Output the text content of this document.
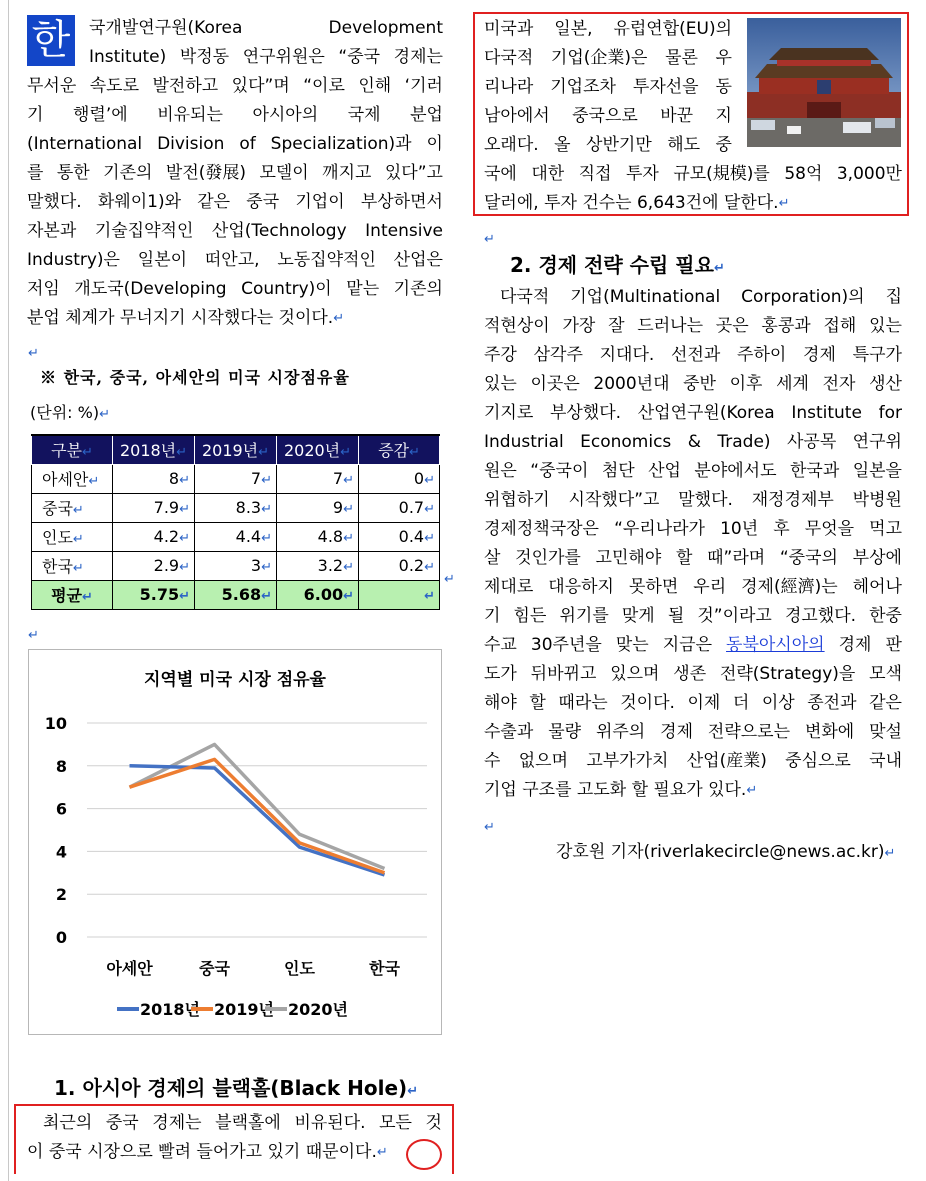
한 국개발연구원(Korea	Development
Institute) 박정동 연구위원은 “중국 경제는
무서운 속도로 발전하고 있다”며 “이로 인해 ‘기러
기 행렬’에 비유되는 아시아의 국제 분업
(International Division of Specialization)과 이
를 통한 기존의 발전(發展) 모델이 깨지고 있다”고
말했다. 화웨이1)와 같은 중국 기업이 부상하면서
자본과 기술집약적인 산업(Technology Intensive
Industry)은 일본이 떠안고, 노동집약적인 산업은
저임 개도국(Developing Country)이 맡는 기존의
분업 체계가 무너지기 시작했다는 것이다. ↵
※ 한국, 중국, 아세안의 미국 시장점유율
(단위: %)↵
구분↵	2018년↵	2019년↵	2020년↵	증감↵
아세안↵	8↵	7↵	7↵	0↵
중국↵	7.9↵	8.3↵	9↵	0.7↵
인도↵	4.2↵	4.4↵	4.8↵	0.4↵
한국↵	2.9↵	3↵	3.2↵	0.2↵
평균↵	5.75↵	5.68↵	6.00↵	↵
↵
↵
↵
지역별 미국 시장 점유율
0
2
4
6
8
10
아세안	중국	인도	한국
2018년 2019년 2020년
1. 아시아 경제의 블랙홀(Black Hole)↵
최근의 중국 경제는 블랙홀에 비유된다. 모든 것
이 중국 시장으로 빨려 들어가고 있기 때문이다. ↵
미국과 일본, 유럽연합(EU)의
다국적 기업(企業)은 물론 우
리나라 기업조차 투자선을 동
남아에서 중국으로 바꾼 지
오래다. 올 상반기만 해도 중
국에 대한 직접 투자 규모(規模)를 58억 3,000만
달러에, 투자 건수는 6,643건에 달한다. ↵
↵
2. 경제 전략 수립 필요↵
다국적 기업(Multinational Corporation)의 집
적현상이 가장 잘 드러나는 곳은 홍콩과 접해 있는
주강 삼각주 지대다. 선전과 주하이 경제 특구가
있는 이곳은 2000년대 중반 이후 세계 전자 생산
기지로 부상했다. 산업연구원(Korea Institute for
Industrial Economics & Trade) 사공목 연구위
원은 “중국이 첨단 산업 분야에서도 한국과 일본을
위협하기 시작했다”고 말했다. 재정경제부 박병원
경제정책국장은 “우리나라가 10년 후 무엇을 먹고
살 것인가를 고민해야 할 때”라며 “중국의 부상에
제대로 대응하지 못하면 우리 경제(經濟)는 헤어나
기 힘든 위기를 맞게 될 것”이라고 경고했다. 한중
수교 30주년을 맞는 지금은 동북아시아의 경제 판
도가 뒤바뀌고 있으며 생존 전략(Strategy)을 모색
해야 할 때라는 것이다. 이제 더 이상 종전과 같은
수출과 물량 위주의 경제 전략으로는 변화에 맞설
수 없으며 고부가가치 산업(産業) 중심으로 국내
기업 구조를 고도화 할 필요가 있다. ↵
↵
강호원 기자(riverlakecircle@news.ac.kr)↵
